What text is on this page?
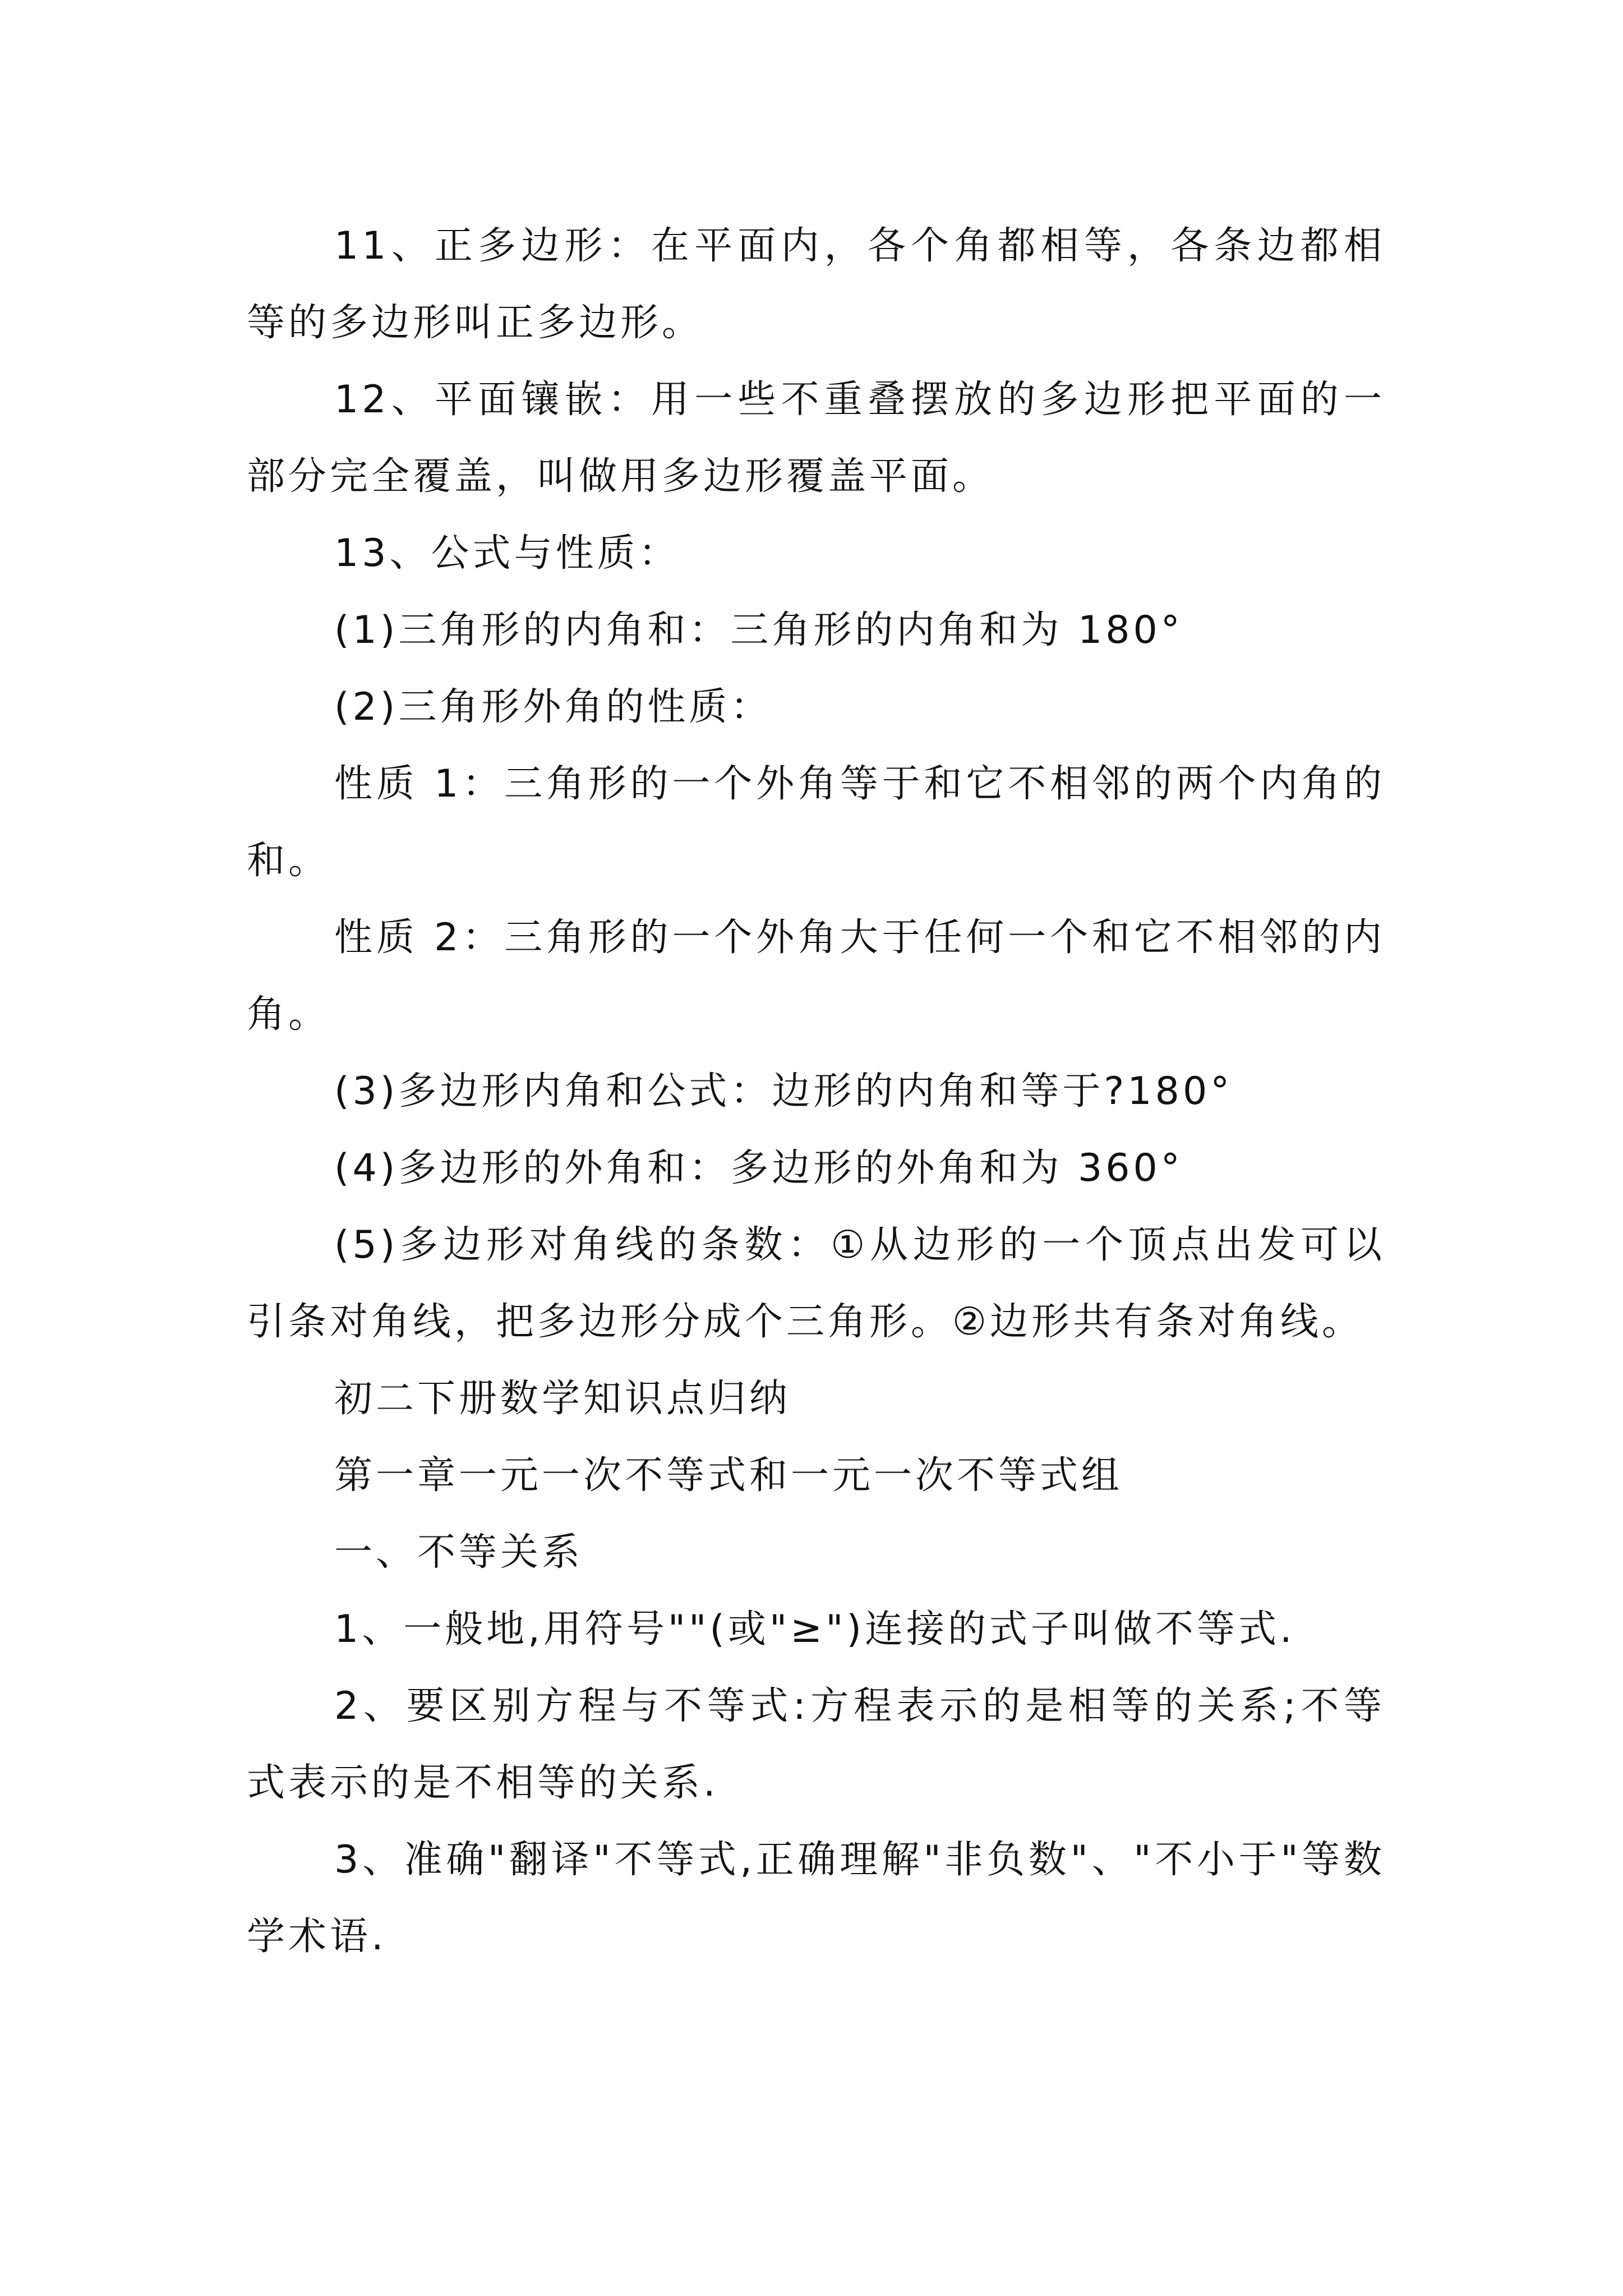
11、正多边形：在平面内，各个角都相等，各条边都相等的多边形叫正多边形。

12、平面镶嵌：用一些不重叠摆放的多边形把平面的一部分完全覆盖，叫做用多边形覆盖平面。

13、公式与性质：

(1)三角形的内角和：三角形的内角和为 180°

(2)三角形外角的性质：

性质 1：三角形的一个外角等于和它不相邻的两个内角的和。

性质 2：三角形的一个外角大于任何一个和它不相邻的内角。

(3)多边形内角和公式：边形的内角和等于?180°

(4)多边形的外角和：多边形的外角和为 360°

(5)多边形对角线的条数：①从边形的一个顶点出发可以引条对角线，把多边形分成个三角形。②边形共有条对角线。

初二下册数学知识点归纳

第一章一元一次不等式和一元一次不等式组

一、不等关系

1、一般地,用符号""(或"≥")连接的式子叫做不等式.

2、要区别方程与不等式:方程表示的是相等的关系;不等式表示的是不相等的关系.

3、准确"翻译"不等式,正确理解"非负数"、"不小于"等数学术语.
